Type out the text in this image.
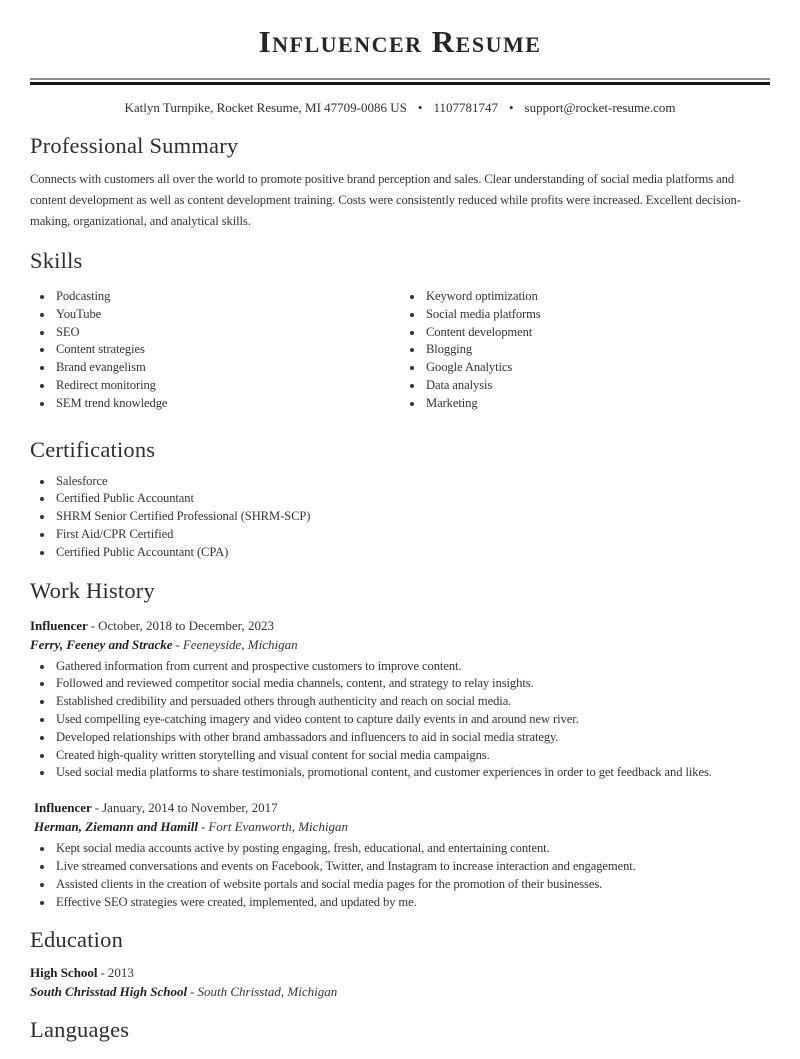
Influencer Resume
Katlyn Turnpike, Rocket Resume, MI 47709-0086 US • 1107781747 • support@rocket-resume.com
Professional Summary

Connects with customers all over the world to promote positive brand perception and sales. Clear understanding of social media platforms and content development as well as content development training. Costs were consistently reduced while profits were increased. Excellent decision-making, organizational, and analytical skills.

Skills
• Podcasting
• YouTube
• SEO
• Content strategies
• Brand evangelism
• Redirect monitoring
• SEM trend knowledge
• Keyword optimization
• Social media platforms
• Content development
• Blogging
• Google Analytics
• Data analysis
• Marketing
Certifications
• Salesforce
• Certified Public Accountant
• SHRM Senior Certified Professional (SHRM-SCP)
• First Aid/CPR Certified
• Certified Public Accountant (CPA)
Work History
Influencer - October, 2018 to December, 2023
Ferry, Feeney and Stracke - Feeneyside, Michigan
• Gathered information from current and prospective customers to improve content.
• Followed and reviewed competitor social media channels, content, and strategy to relay insights.
• Established credibility and persuaded others through authenticity and reach on social media.
• Used compelling eye-catching imagery and video content to capture daily events in and around new river.
• Developed relationships with other brand ambassadors and influencers to aid in social media strategy.
• Created high-quality written storytelling and visual content for social media campaigns.
• Used social media platforms to share testimonials, promotional content, and customer experiences in order to get feedback and likes.
Influencer - January, 2014 to November, 2017
Herman, Ziemann and Hamill - Fort Evanworth, Michigan
• Kept social media accounts active by posting engaging, fresh, educational, and entertaining content.
• Live streamed conversations and events on Facebook, Twitter, and Instagram to increase interaction and engagement.
• Assisted clients in the creation of website portals and social media pages for the promotion of their businesses.
• Effective SEO strategies were created, implemented, and updated by me.
Education
High School - 2013
South Chrisstad High School - South Chrisstad, Michigan
Languages
